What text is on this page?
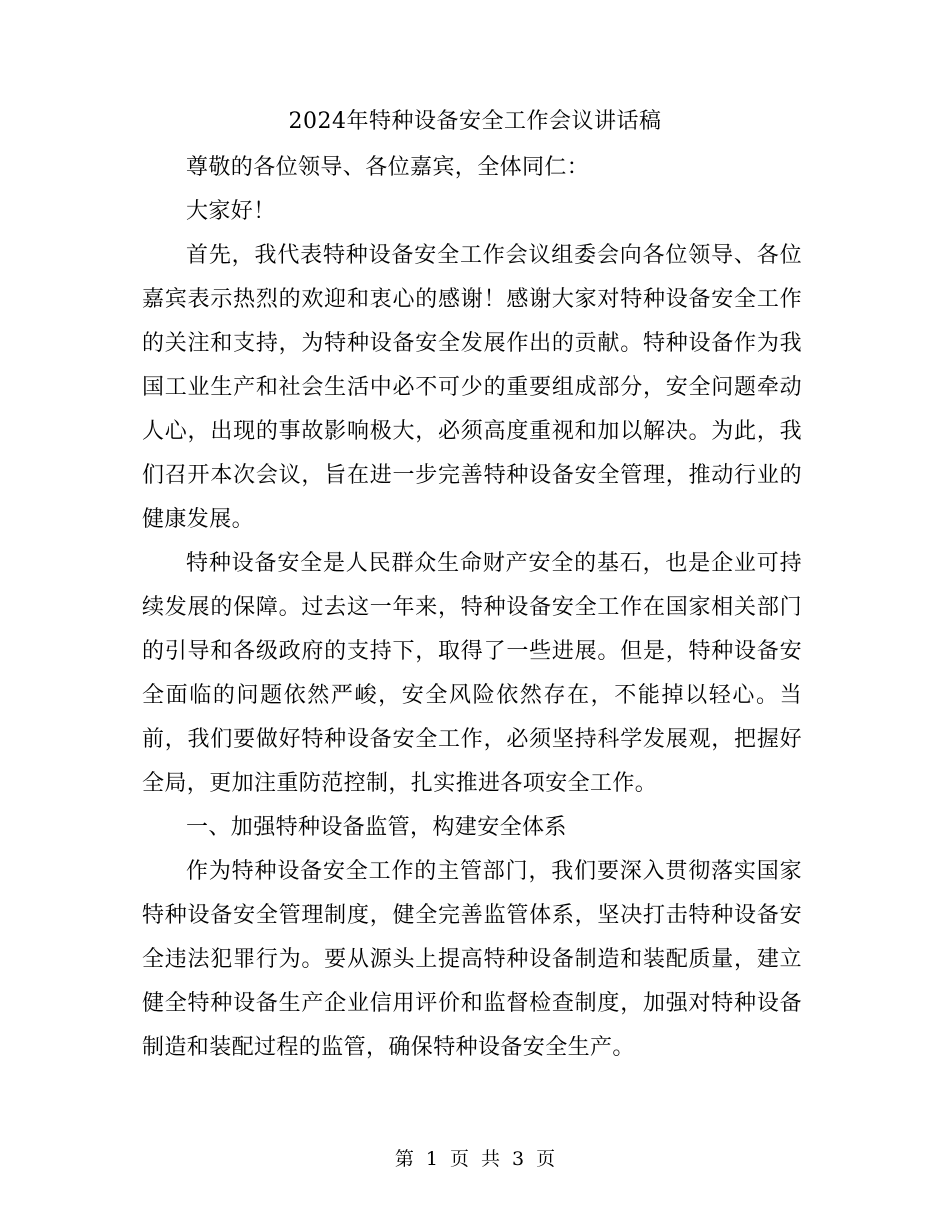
2024年特种设备安全工作会议讲话稿

尊敬的各位领导、各位嘉宾，全体同仁：

大家好！

首先，我代表特种设备安全工作会议组委会向各位领导、各位嘉宾表示热烈的欢迎和衷心的感谢！感谢大家对特种设备安全工作的关注和支持，为特种设备安全发展作出的贡献。特种设备作为我国工业生产和社会生活中必不可少的重要组成部分，安全问题牵动人心，出现的事故影响极大，必须高度重视和加以解决。为此，我们召开本次会议，旨在进一步完善特种设备安全管理，推动行业的健康发展。

特种设备安全是人民群众生命财产安全的基石，也是企业可持续发展的保障。过去这一年来，特种设备安全工作在国家相关部门的引导和各级政府的支持下，取得了一些进展。但是，特种设备安全面临的问题依然严峻，安全风险依然存在，不能掉以轻心。当前，我们要做好特种设备安全工作，必须坚持科学发展观，把握好全局，更加注重防范控制，扎实推进各项安全工作。

一、加强特种设备监管，构建安全体系

作为特种设备安全工作的主管部门，我们要深入贯彻落实国家特种设备安全管理制度，健全完善监管体系，坚决打击特种设备安全违法犯罪行为。要从源头上提高特种设备制造和装配质量，建立健全特种设备生产企业信用评价和监督检查制度，加强对特种设备制造和装配过程的监管，确保特种设备安全生产。

第 1 页 共 3 页
